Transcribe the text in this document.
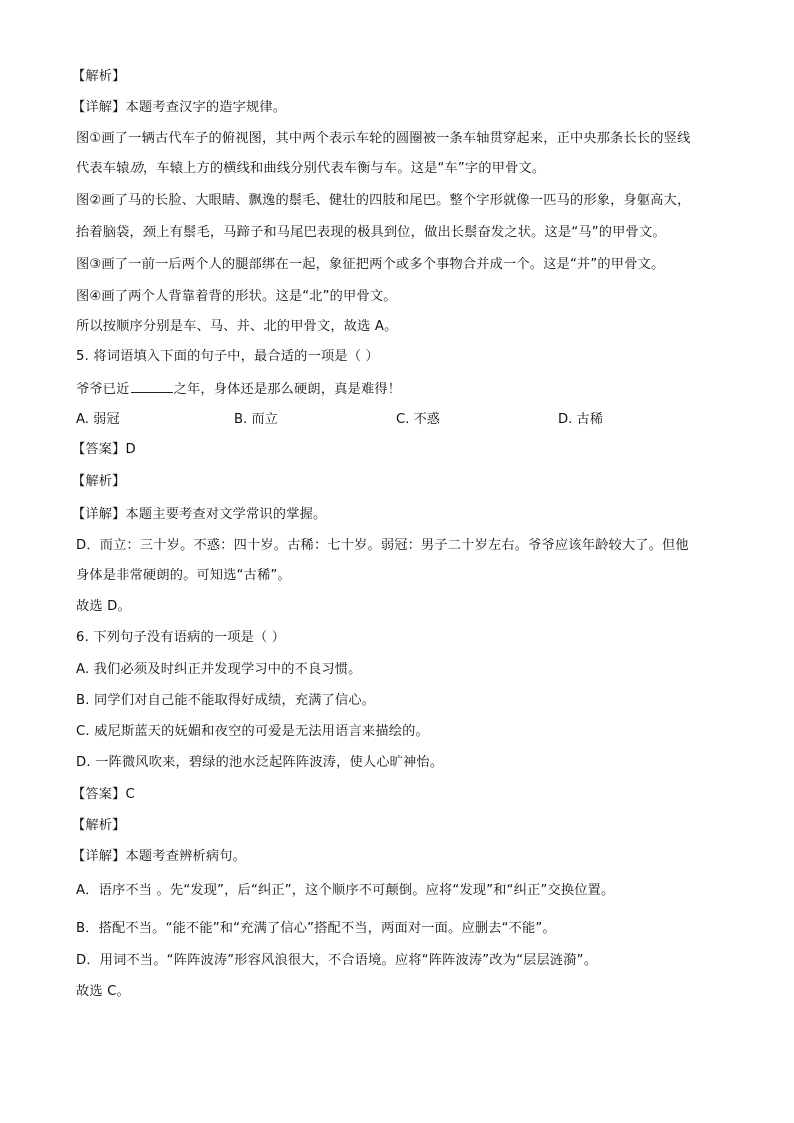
【解析】
【详解】本题考查汉字的造字规律。
图①画了一辆古代车子的俯视图，其中两个表示车轮的圆圈被一条车轴贯穿起来，正中央那条长长的竖线
代表车辕劢，车辕上方的横线和曲线分别代表车衡与车。这是“车”字的甲骨文。
图②画了马的长脸、大眼睛、飘逸的鬃毛、健壮的四肢和尾巴。整个字形就像一匹马的形象，身躯高大，
抬着脑袋，颈上有鬃毛，马蹄子和马尾巴表现的极具到位，做出长鬃奋发之状。这是“马”的甲骨文。
图③画了一前一后两个人的腿部绑在一起，象征把两个或多个事物合并成一个。这是“并”的甲骨文。
图④画了两个人背靠着背的形状。这是“北”的甲骨文。
所以按顺序分别是车、马、并、北的甲骨文，故选 A。
5. 将词语填入下面的句子中，最合适的一项是（ ）
爷爷已近	之年，身体还是那么硬朗，真是难得！
A. 弱冠	B. 而立	C. 不惑	D. 古稀
【答案】D
【解析】
【详解】本题主要考查对文学常识的掌握。
D．而立：三十岁。不惑：四十岁。古稀：七十岁。弱冠：男子二十岁左右。爷爷应该年龄较大了。但他
身体是非常硬朗的。可知选“古稀”。
故选 D。
6. 下列句子没有语病的一项是（ ）
A. 我们必须及时纠正并发现学习中的不良习惯。
B. 同学们对自己能不能取得好成绩，充满了信心。
C. 威尼斯蓝天的妩媚和夜空的可爱是无法用语言来描绘的。
D. 一阵微风吹来，碧绿的池水泛起阵阵波涛，使人心旷神怡。
【答案】C
【解析】
【详解】本题考查辨析病句。
A．语序不当 。先“发现”，后“纠正”，这个顺序不可颠倒。应将“发现”和“纠正”交换位置。
B．搭配不当。“能不能”和“充满了信心”搭配不当，两面对一面。应删去“不能”。
D．用词不当。“阵阵波涛”形容风浪很大，不合语境。应将“阵阵波涛”改为“层层涟漪”。
故选 C。
